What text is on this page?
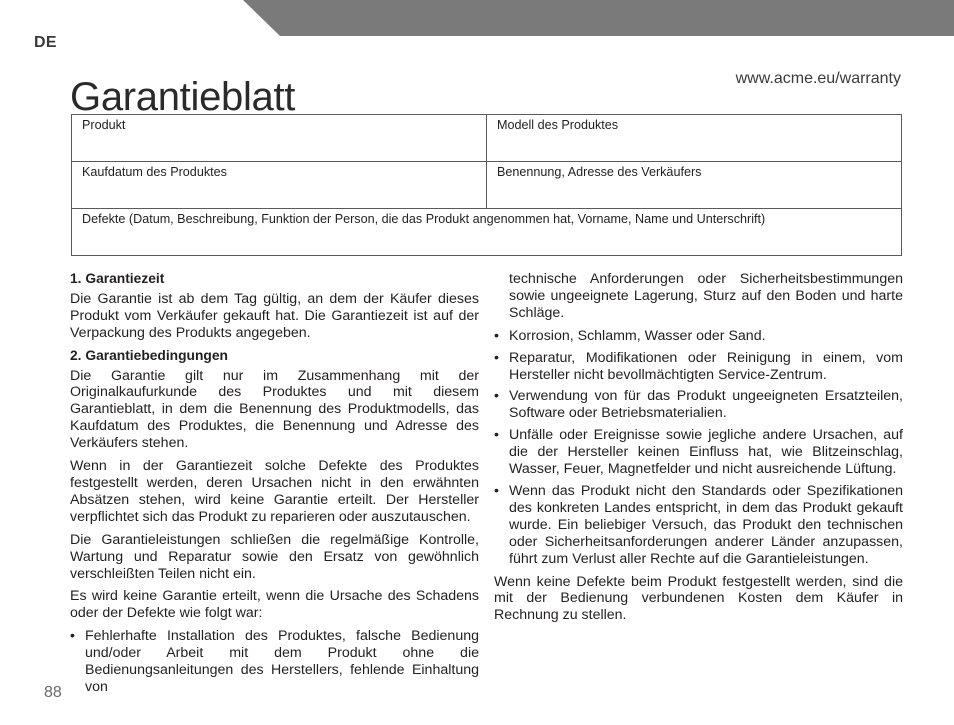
DE
Garantieblatt	www.acme.eu/warranty
Produkt	Modell des Produktes
Kaufdatum des Produktes	Benennung, Adresse des Verkäufers
Defekte (Datum, Beschreibung, Funktion der Person, die das Produkt angenommen hat, Vorname, Name und Unterschrift)	
1. Garantiezeit

Die Garantie ist ab dem Tag gültig, an dem der Käufer dieses Produkt vom Verkäufer gekauft hat. Die Garantiezeit ist auf der Verpackung des Produkts angegeben.

2. Garantiebedingungen

Die Garantie gilt nur im Zusammenhang mit der Originalkaufurkunde des Produktes und mit diesem Garantieblatt, in dem die Benennung des Produktmodells, das Kaufdatum des Produktes, die Benennung und Adresse des Verkäufers stehen.

Wenn in der Garantiezeit solche Defekte des Produktes festgestellt werden, deren Ursachen nicht in den erwähnten Absätzen stehen, wird keine Garantie erteilt. Der Hersteller verpflichtet sich das Produkt zu reparieren oder auszutauschen.

Die Garantieleistungen schließen die regelmäßige Kontrolle, Wartung und Reparatur sowie den Ersatz von gewöhnlich verschleißten Teilen nicht ein.

Es wird keine Garantie erteilt, wenn die Ursache des Schadens oder der Defekte wie folgt war:

• Fehlerhafte Installation des Produktes, falsche Bedienung und/oder Arbeit mit dem Produkt ohne die Bedienungsanleitungen des Herstellers, fehlende Einhaltung von

technische Anforderungen oder Sicherheitsbestimmungen sowie ungeeignete Lagerung, Sturz auf den Boden und harte Schläge.

• Korrosion, Schlamm, Wasser oder Sand.
• Reparatur, Modifikationen oder Reinigung in einem, vom Hersteller nicht bevollmächtigten Service-Zentrum.
• Verwendung von für das Produkt ungeeigneten Ersatzteilen, Software oder Betriebsmaterialien.
• Unfälle oder Ereignisse sowie jegliche andere Ursachen, auf die der Hersteller keinen Einfluss hat, wie Blitzeinschlag, Wasser, Feuer, Magnetfelder und nicht ausreichende Lüftung.
• Wenn das Produkt nicht den Standards oder Spezifikationen des konkreten Landes entspricht, in dem das Produkt gekauft wurde. Ein beliebiger Versuch, das Produkt den technischen oder Sicherheitsanforderungen anderer Länder anzupassen, führt zum Verlust aller Rechte auf die Garantieleistungen.

Wenn keine Defekte beim Produkt festgestellt werden, sind die mit der Bedienung verbundenen Kosten dem Käufer in Rechnung zu stellen.

88
